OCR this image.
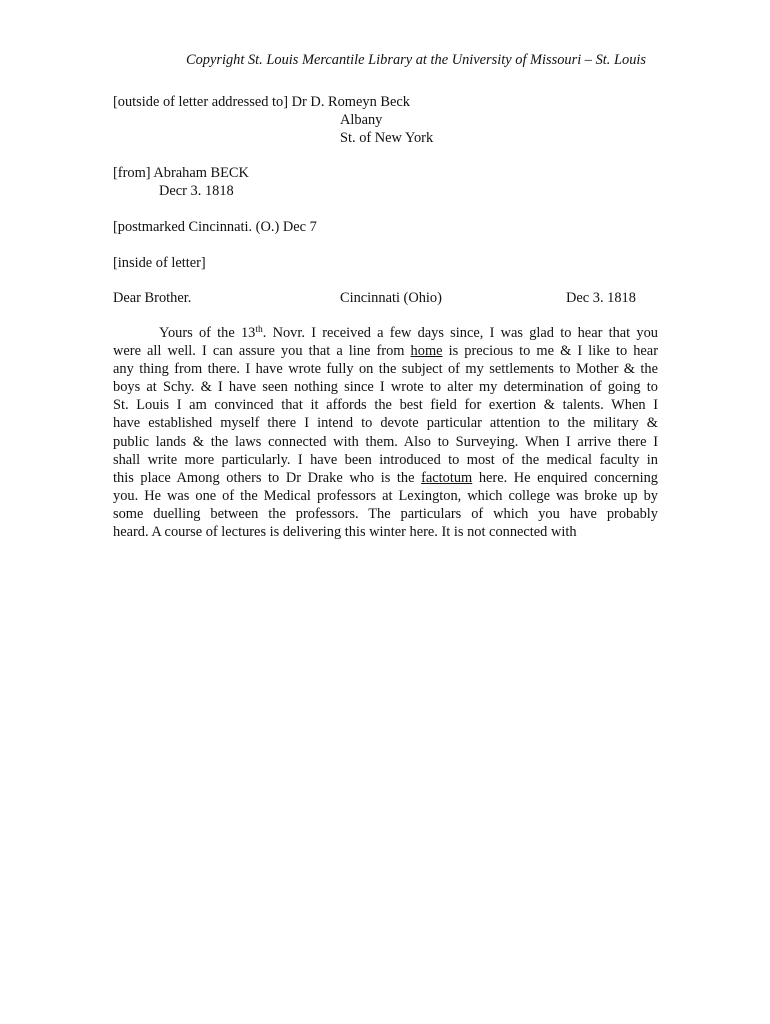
Copyright St. Louis Mercantile Library at the University of Missouri – St. Louis
[outside of letter addressed to] Dr D. Romeyn Beck
Albany
St. of New York
[from] Abraham BECK
Decr 3. 1818
[postmarked Cincinnati. (O.) Dec 7
[inside of letter]
Dear Brother.	Cincinnati (Ohio)	Dec 3. 1818
Yours of the 13th. Novr. I received a few days since, I was glad to hear that you
were all well. I can assure you that a line from home is precious to me & I like to hear
any thing from there. I have wrote fully on the subject of my settlements to Mother & the
boys at Schy. & I have seen nothing since I wrote to alter my determination of going to
St. Louis I am convinced that it affords the best field for exertion & talents. When I
have established myself there I intend to devote particular attention to the military &
public lands & the laws connected with them. Also to Surveying. When I arrive there I
shall write more particularly. I have been introduced to most of the medical faculty in
this place Among others to Dr Drake who is the factotum here. He enquired concerning
you. He was one of the Medical professors at Lexington, which college was broke up by
some duelling between the professors. The particulars of which you have probably
heard. A course of lectures is delivering this winter here. It is not connected with
